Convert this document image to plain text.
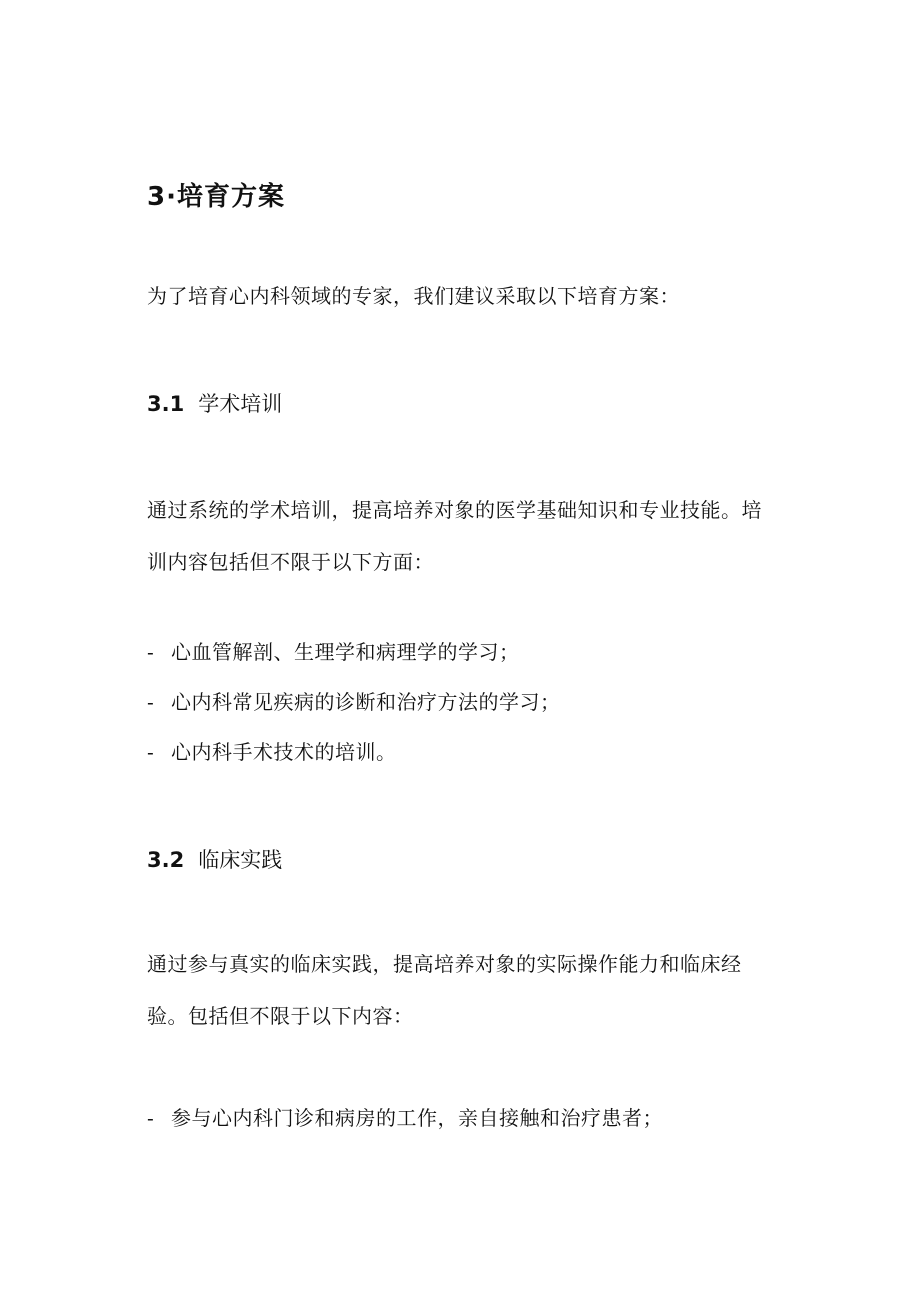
3·培育方案
为了培育心内科领域的专家，我们建议采取以下培育方案：
3.1 学术培训
通过系统的学术培训，提高培养对象的医学基础知识和专业技能。培
训内容包括但不限于以下方面：
- 心血管解剖、生理学和病理学的学习；
- 心内科常见疾病的诊断和治疗方法的学习；
- 心内科手术技术的培训。
3.2 临床实践
通过参与真实的临床实践，提高培养对象的实际操作能力和临床经
验。包括但不限于以下内容：
- 参与心内科门诊和病房的工作，亲自接触和治疗患者；
